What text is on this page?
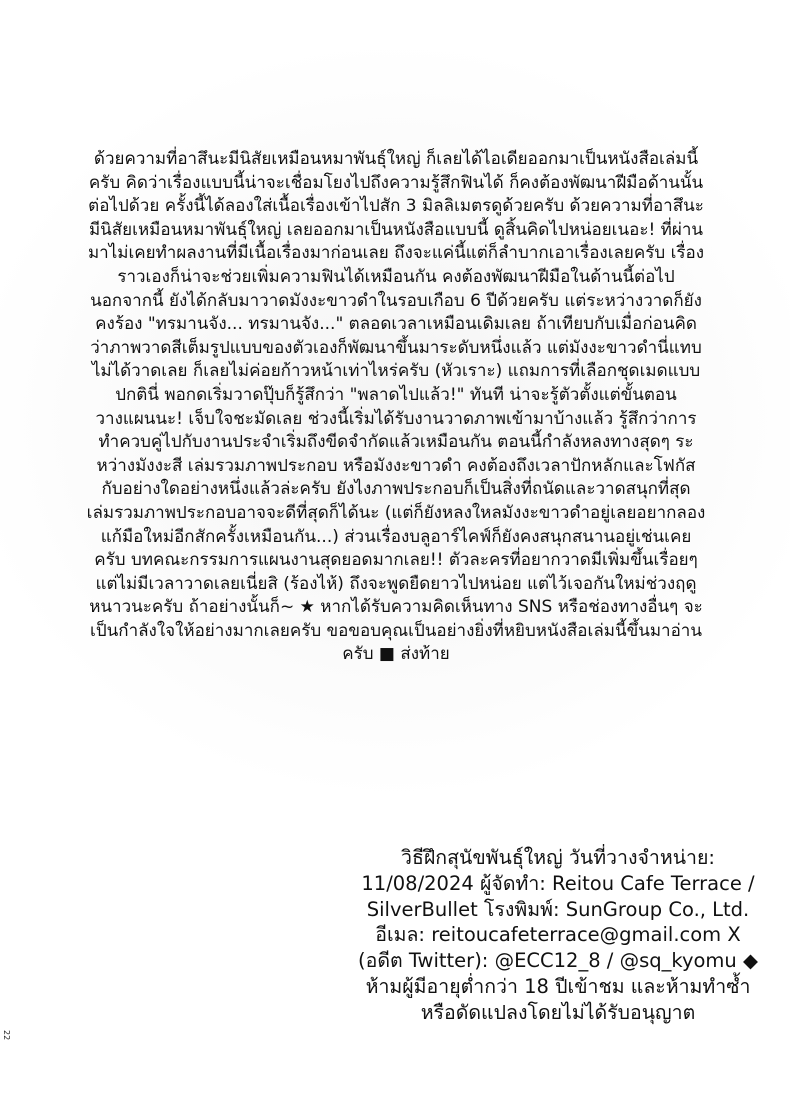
ด้วยความที่อาสึนะมีนิสัยเหมือนหมาพันธุ์ใหญ่ ก็เลยได้ไอเดียออกมาเป็นหนังสือเล่มนี้ครับ คิดว่าเรื่องแบบนี้น่าจะเชื่อมโยงไปถึงความรู้สึกฟินได้ ก็คงต้องพัฒนาฝีมือด้านนั้นต่อไปด้วย ครั้งนี้ได้ลองใส่เนื้อเรื่องเข้าไปสัก 3 มิลลิเมตรดูด้วยครับ ด้วยความที่อาสึนะมีนิสัยเหมือนหมาพันธุ์ใหญ่ เลยออกมาเป็นหนังสือแบบนี้ ดูสิ้นคิดไปหน่อยเนอะ! ที่ผ่านมาไม่เคยทำผลงานที่มีเนื้อเรื่องมาก่อนเลย ถึงจะแค่นี้แต่ก็ลำบากเอาเรื่องเลยครับ เรื่องราวเองก็น่าจะช่วยเพิ่มความฟินได้เหมือนกัน คงต้องพัฒนาฝีมือในด้านนี้ต่อไป นอกจากนี้ ยังได้กลับมาวาดมังงะขาวดำในรอบเกือบ 6 ปีด้วยครับ แต่ระหว่างวาดก็ยังคงร้อง "ทรมานจัง... ทรมานจัง..." ตลอดเวลาเหมือนเดิมเลย ถ้าเทียบกับเมื่อก่อนคิดว่าภาพวาดสีเต็มรูปแบบของตัวเองก็พัฒนาขึ้นมาระดับหนึ่งแล้ว แต่มังงะขาวดำนี่แทบไม่ได้วาดเลย ก็เลยไม่ค่อยก้าวหน้าเท่าไหร่ครับ (หัวเราะ) แถมการที่เลือกชุดเมดแบบปกตินี่ พอกดเริ่มวาดปุ๊บก็รู้สึกว่า "พลาดไปแล้ว!" ทันที น่าจะรู้ตัวตั้งแต่ขั้นตอนวางแผนนะ! เจ็บใจชะมัดเลย ช่วงนี้เริ่มได้รับงานวาดภาพเข้ามาบ้างแล้ว รู้สึกว่าการทำควบคู่ไปกับงานประจำเริ่มถึงขีดจำกัดแล้วเหมือนกัน ตอนนี้กำลังหลงทางสุดๆ ระหว่างมังงะสี เล่มรวมภาพประกอบ หรือมังงะขาวดำ คงต้องถึงเวลาปักหลักและโฟกัสกับอย่างใดอย่างหนึ่งแล้วล่ะครับ ยังไงภาพประกอบก็เป็นสิ่งที่ถนัดและวาดสนุกที่สุด เล่มรวมภาพประกอบอาจจะดีที่สุดก็ได้นะ (แต่ก็ยังหลงใหลมังงะขาวดำอยู่เลยอยากลองแก้มือใหม่อีกสักครั้งเหมือนกัน...) ส่วนเรื่องบลูอาร์ไคฟ์ก็ยังคงสนุกสนานอยู่เช่นเคยครับ บทคณะกรรมการแผนงานสุดยอดมากเลย!! ตัวละครที่อยากวาดมีเพิ่มขึ้นเรื่อยๆ แต่ไม่มีเวลาวาดเลยเนี่ยสิ (ร้องไห้) ถึงจะพูดยืดยาวไปหน่อย แต่ไว้เจอกันใหม่ช่วงฤดูหนาวนะครับ ถ้าอย่างนั้นก็~ ★ หากได้รับความคิดเห็นทาง SNS หรือช่องทางอื่นๆ จะเป็นกำลังใจให้อย่างมากเลยครับ ขอขอบคุณเป็นอย่างยิ่งที่หยิบหนังสือเล่มนี้ขึ้นมาอ่านครับ ■ ส่งท้าย

วิธีฝึกสุนัขพันธุ์ใหญ่ วันที่วางจำหน่าย: 11/08/2024 ผู้จัดทำ: Reitou Cafe Terrace / SilverBullet โรงพิมพ์: SunGroup Co., Ltd. อีเมล: reitoucafeterrace@gmail.com X (อดีต Twitter): @ECC12_8 / @sq_kyomu ◆ ห้ามผู้มีอายุต่ำกว่า 18 ปีเข้าชม และห้ามทำซ้ำหรือดัดแปลงโดยไม่ได้รับอนุญาต

22
